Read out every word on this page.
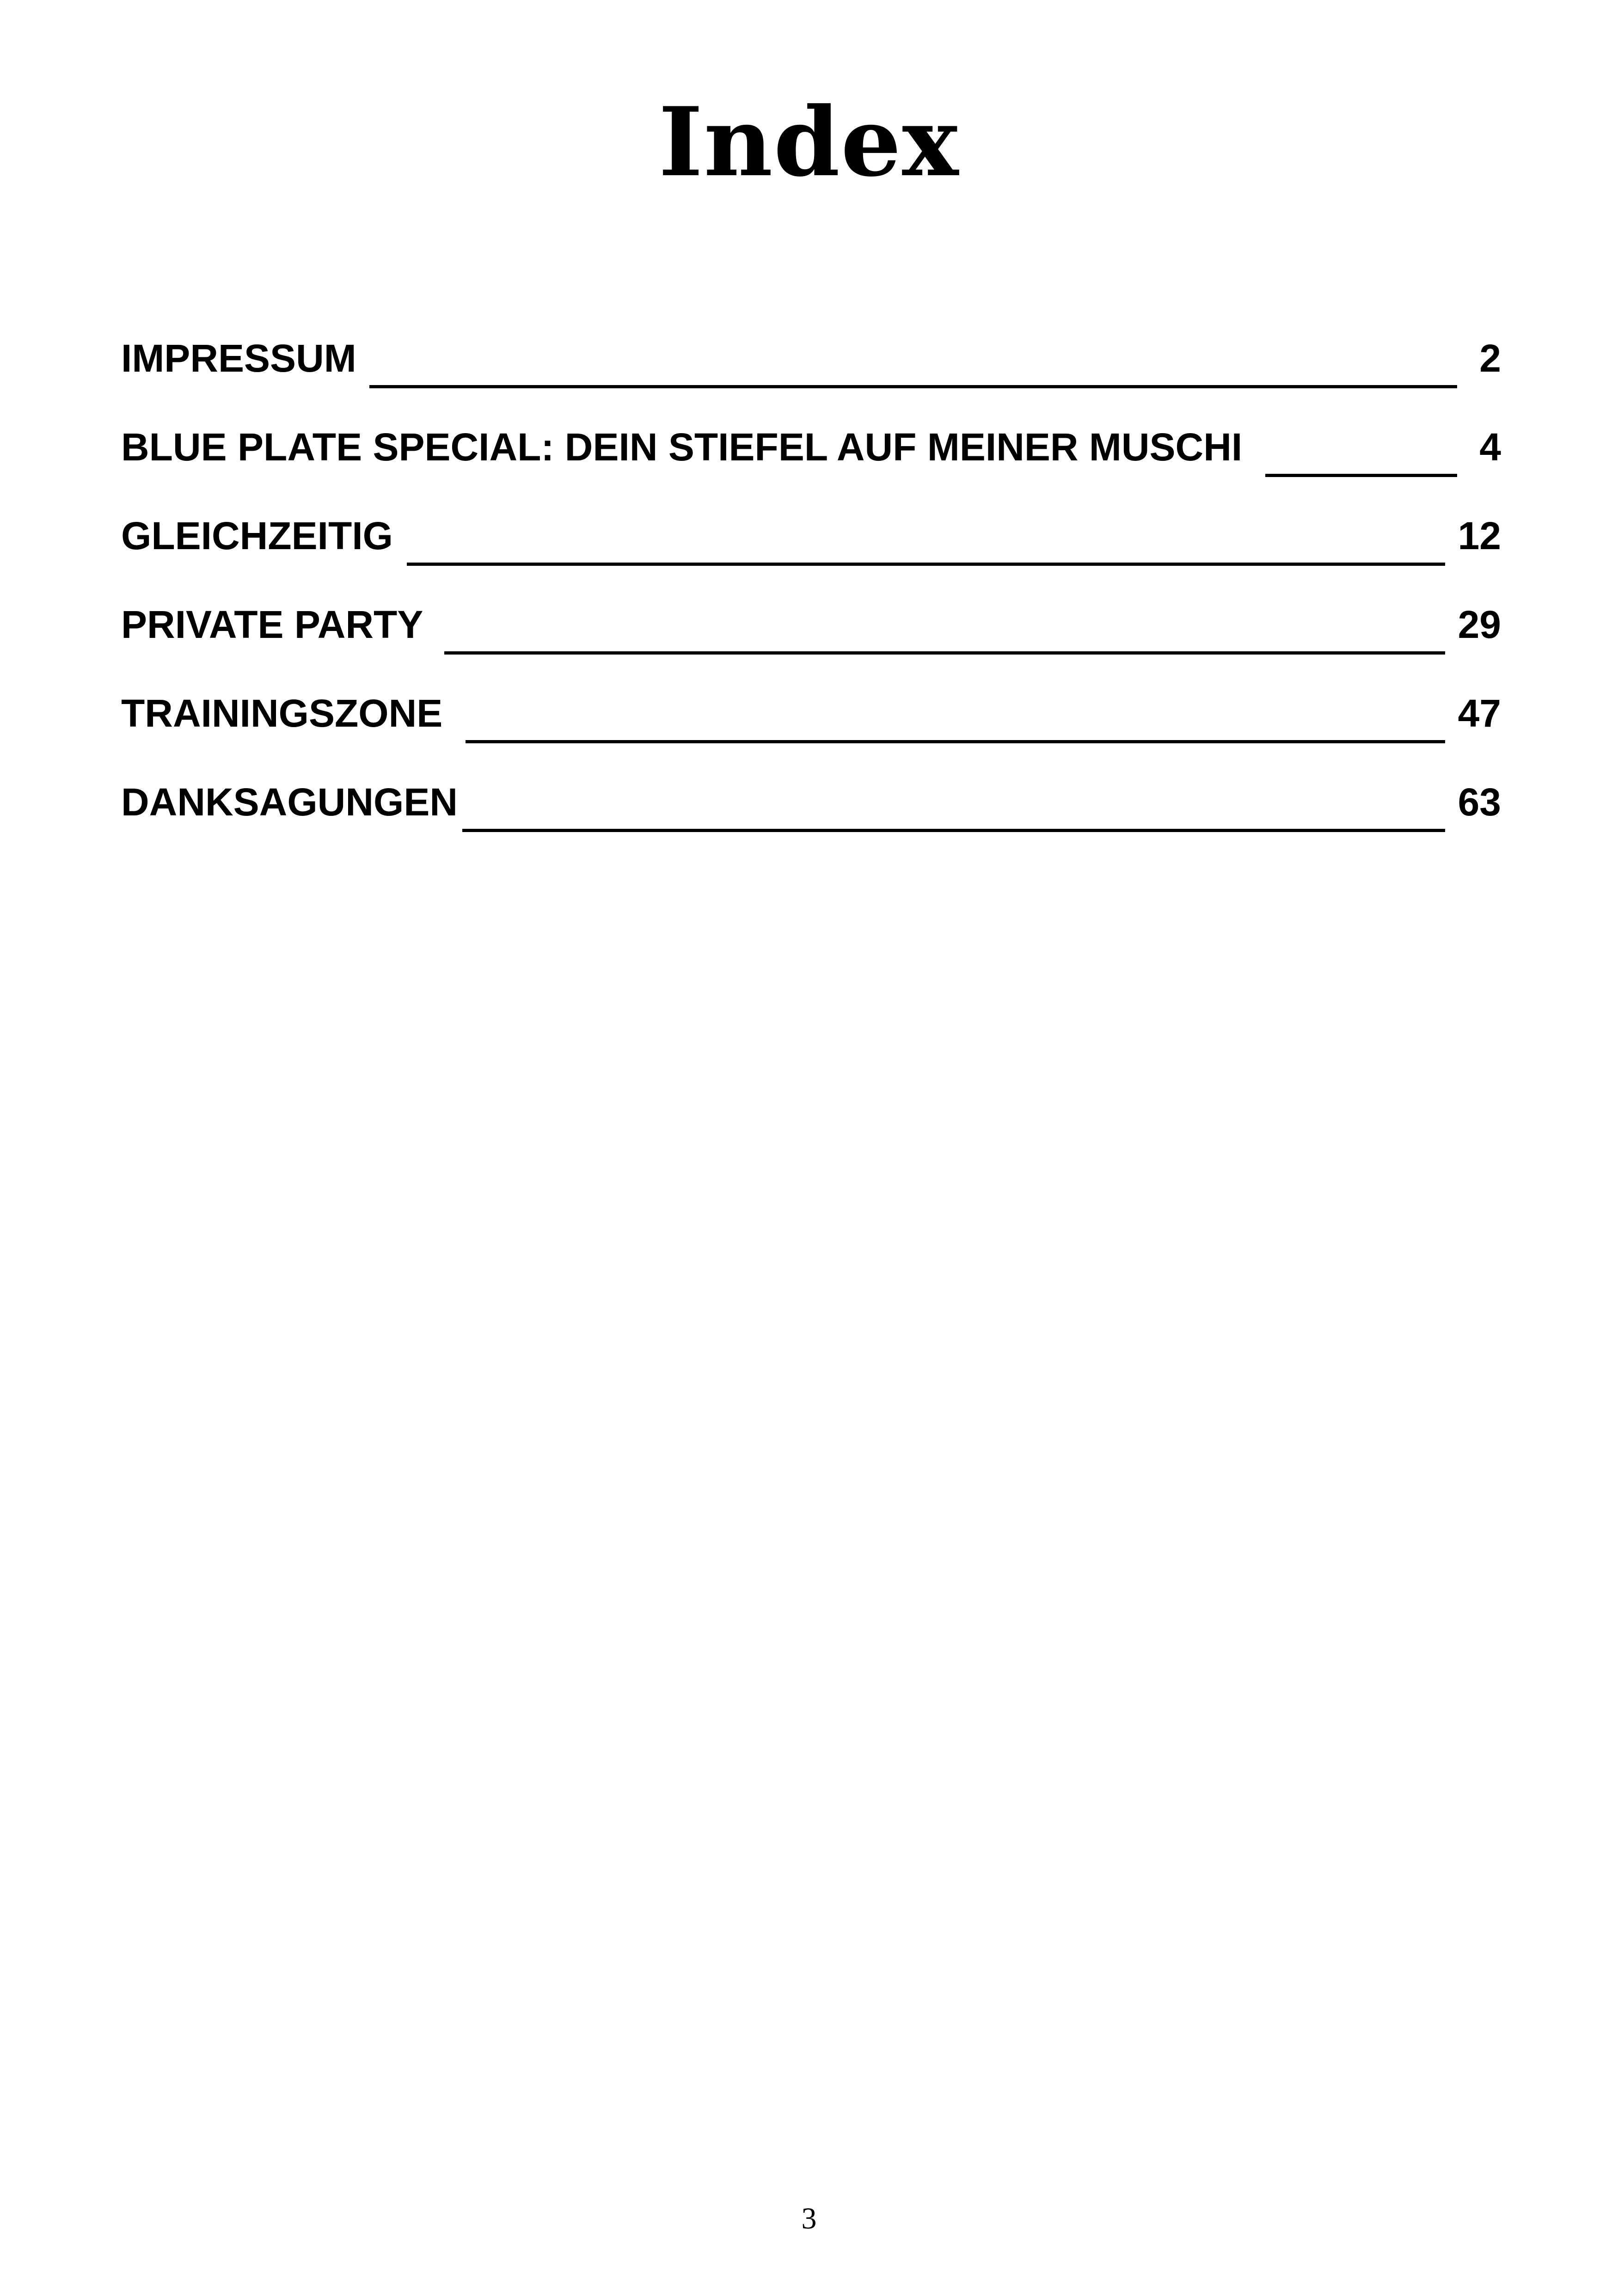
Index
IMPRESSUM	2
BLUE PLATE SPECIAL: DEIN STIEFEL AUF MEINER MUSCHI	4
GLEICHZEITIG	12
PRIVATE PARTY	29
TRAININGSZONE	47
DANKSAGUNGEN	63
3
